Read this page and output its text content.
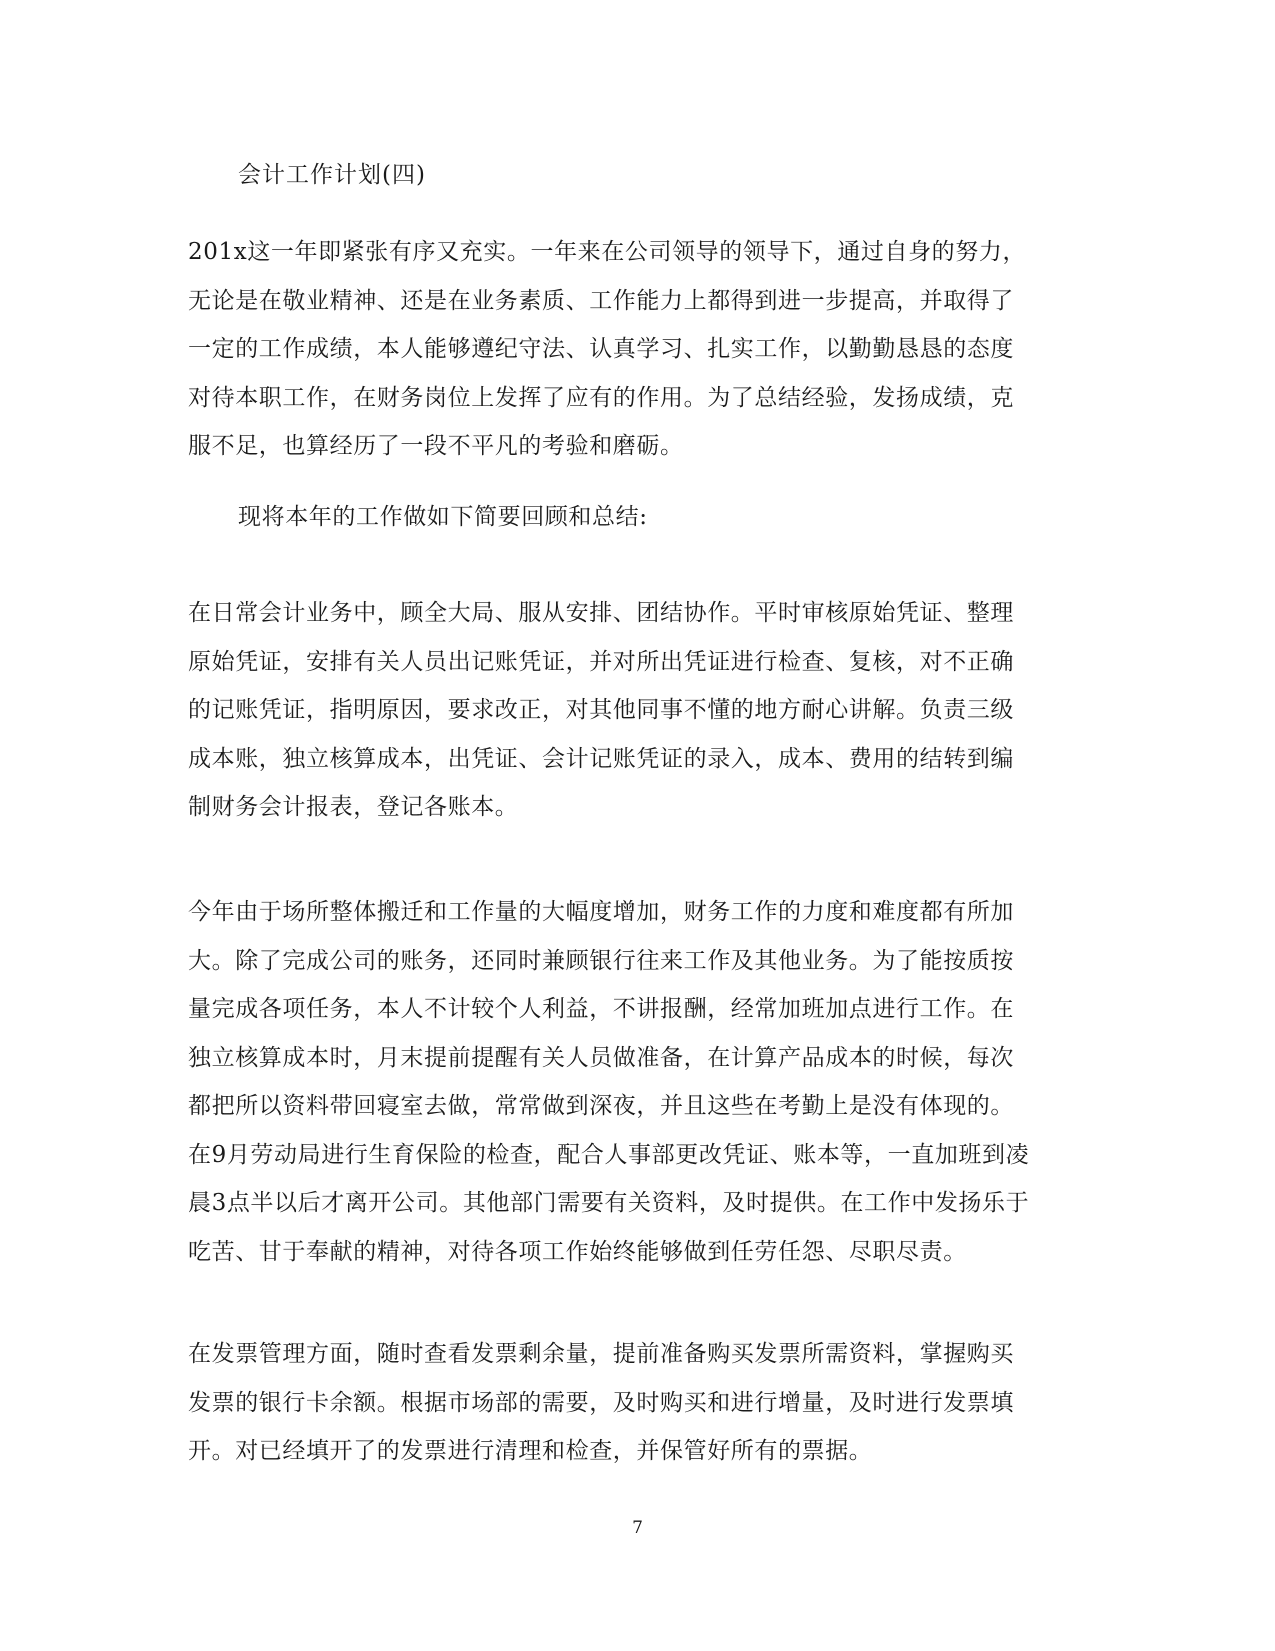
会计工作计划(四)
201x这一年即紧张有序又充实。一年来在公司领导的领导下，通过自身的努力，
无论是在敬业精神、还是在业务素质、工作能力上都得到进一步提高，并取得了
一定的工作成绩，本人能够遵纪守法、认真学习、扎实工作，以勤勤恳恳的态度
对待本职工作，在财务岗位上发挥了应有的作用。为了总结经验，发扬成绩，克
服不足，也算经历了一段不平凡的考验和磨砺。
现将本年的工作做如下简要回顾和总结:
在日常会计业务中，顾全大局、服从安排、团结协作。平时审核原始凭证、整理
原始凭证，安排有关人员出记账凭证，并对所出凭证进行检查、复核，对不正确
的记账凭证，指明原因，要求改正，对其他同事不懂的地方耐心讲解。负责三级
成本账，独立核算成本，出凭证、会计记账凭证的录入，成本、费用的结转到编
制财务会计报表，登记各账本。
今年由于场所整体搬迁和工作量的大幅度增加，财务工作的力度和难度都有所加
大。除了完成公司的账务，还同时兼顾银行往来工作及其他业务。为了能按质按
量完成各项任务，本人不计较个人利益，不讲报酬，经常加班加点进行工作。在
独立核算成本时，月末提前提醒有关人员做准备，在计算产品成本的时候，每次
都把所以资料带回寝室去做，常常做到深夜，并且这些在考勤上是没有体现的。
在9月劳动局进行生育保险的检查，配合人事部更改凭证、账本等，一直加班到凌
晨3点半以后才离开公司。其他部门需要有关资料，及时提供。在工作中发扬乐于
吃苦、甘于奉献的精神，对待各项工作始终能够做到任劳任怨、尽职尽责。
在发票管理方面，随时查看发票剩余量，提前准备购买发票所需资料，掌握购买
发票的银行卡余额。根据市场部的需要，及时购买和进行增量，及时进行发票填
开。对已经填开了的发票进行清理和检查，并保管好所有的票据。
7
